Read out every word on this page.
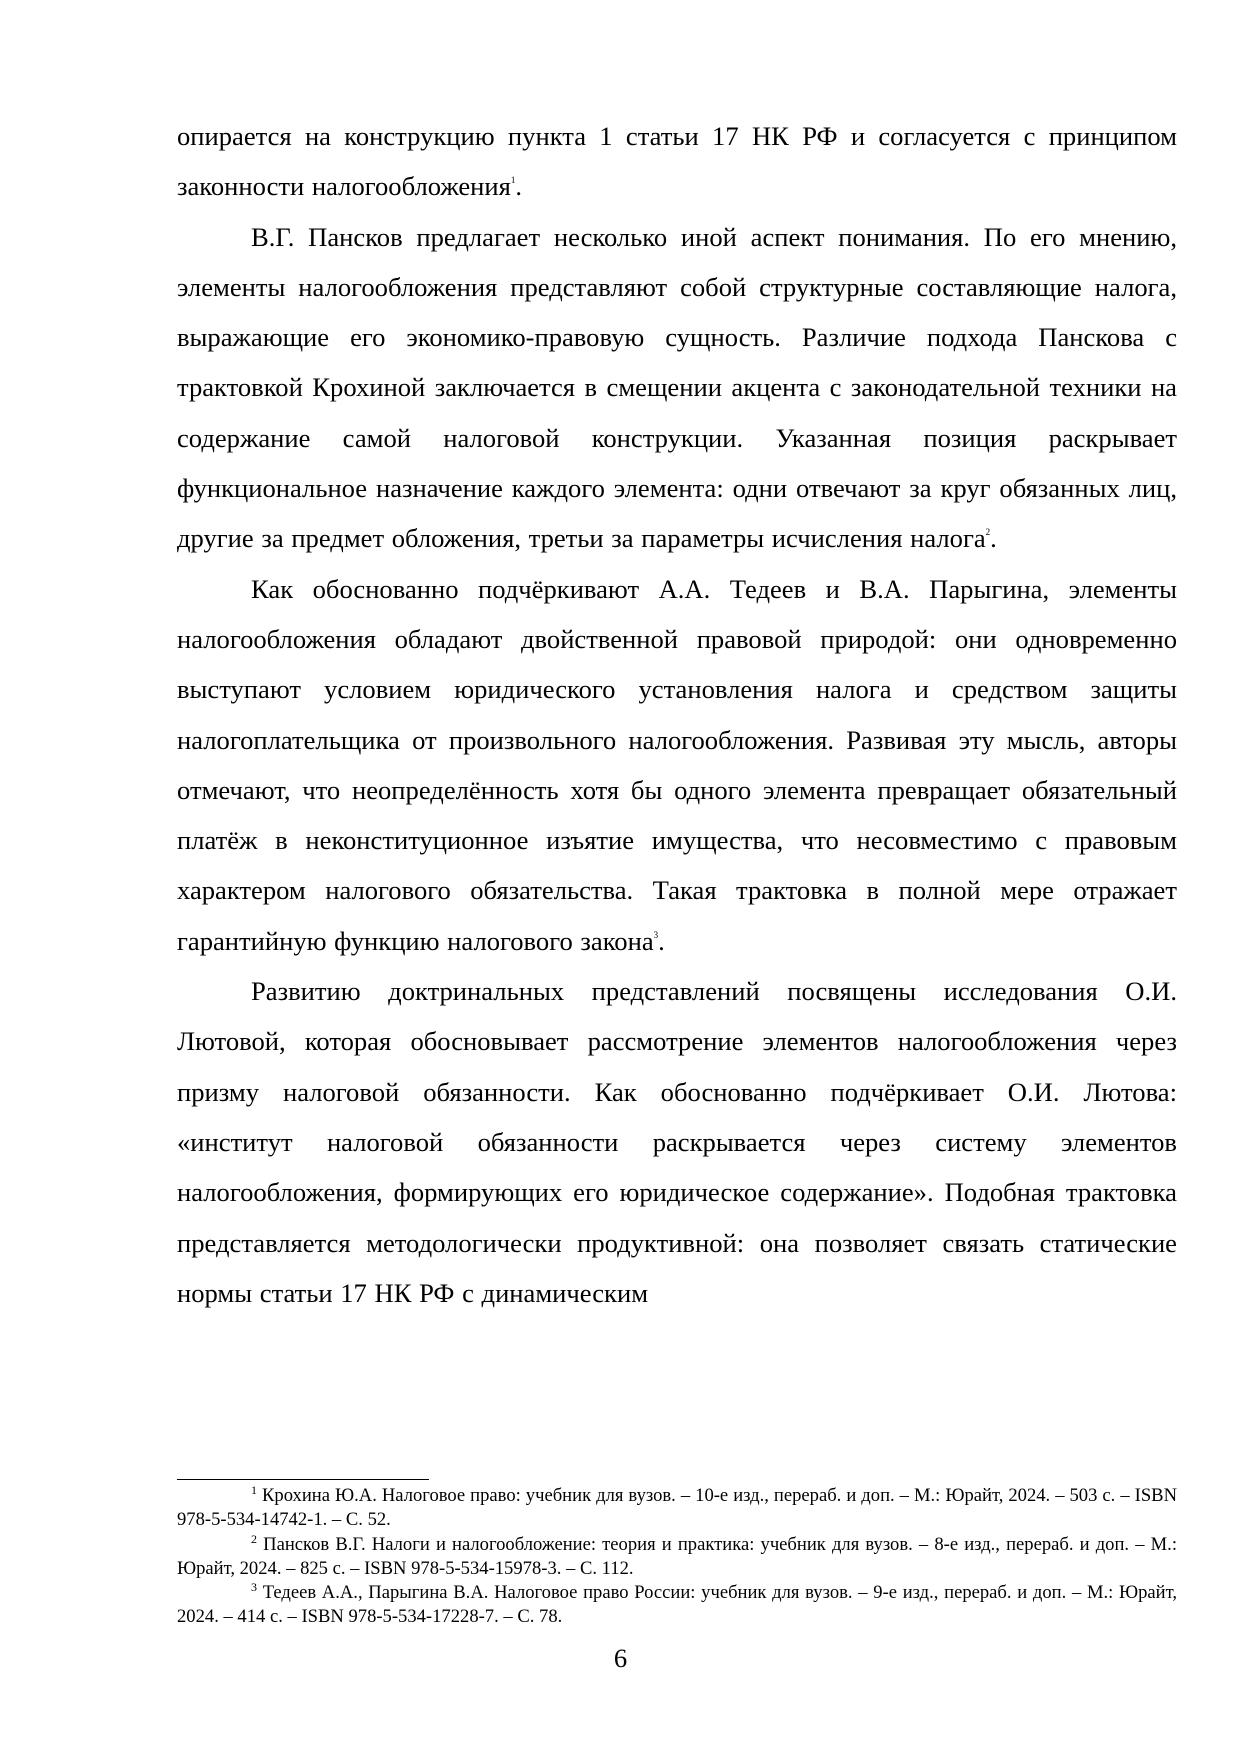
опирается на конструкцию пункта 1 статьи 17 НК РФ и согласуется с принципом законности налогообложения$^1$.

В.Г. Пансков предлагает несколько иной аспект понимания. По его мнению, элементы налогообложения представляют собой структурные составляющие налога, выражающие его экономико-правовую сущность. Различие подхода Панскова с трактовкой Крохиной заключается в смещении акцента с законодательной техники на содержание самой налоговой конструкции. Указанная позиция раскрывает функциональное назначение каждого элемента: одни отвечают за круг обязанных лиц, другие за предмет обложения, третьи за параметры исчисления налога$^2$.

Как обоснованно подчёркивают А.А. Тедеев и В.А. Парыгина, элементы налогообложения обладают двойственной правовой природой: они одновременно выступают условием юридического установления налога и средством защиты налогоплательщика от произвольного налогообложения. Развивая эту мысль, авторы отмечают, что неопределённость хотя бы одного элемента превращает обязательный платёж в неконституционное изъятие имущества, что несовместимо с правовым характером налогового обязательства. Такая трактовка в полной мере отражает гарантийную функцию налогового закона$^3$.

Развитию доктринальных представлений посвящены исследования О.И. Лютовой, которая обосновывает рассмотрение элементов налогообложения через призму налоговой обязанности. Как обоснованно подчёркивает О.И. Лютова: «институт налоговой обязанности раскрывается через систему элементов налогообложения, формирующих его юридическое содержание». Подобная трактовка представляется методологически продуктивной: она позволяет связать статические нормы статьи 17 НК РФ с динамическим

$^1$ Крохина Ю.А. Налоговое право: учебник для вузов. – 10-е изд., перераб. и доп. – М.: Юрайт, 2024. – 503 с. – ISBN 978-5-534-14742-1. – С. 52.

$^2$ Пансков В.Г. Налоги и налогообложение: теория и практика: учебник для вузов. – 8-е изд., перераб. и доп. – М.: Юрайт, 2024. – 825 с. – ISBN 978-5-534-15978-3. – С. 112.

$^3$ Тедеев А.А., Парыгина В.А. Налоговое право России: учебник для вузов. – 9-е изд., перераб. и доп. – М.: Юрайт, 2024. – 414 с. – ISBN 978-5-534-17228-7. – С. 78.

6
